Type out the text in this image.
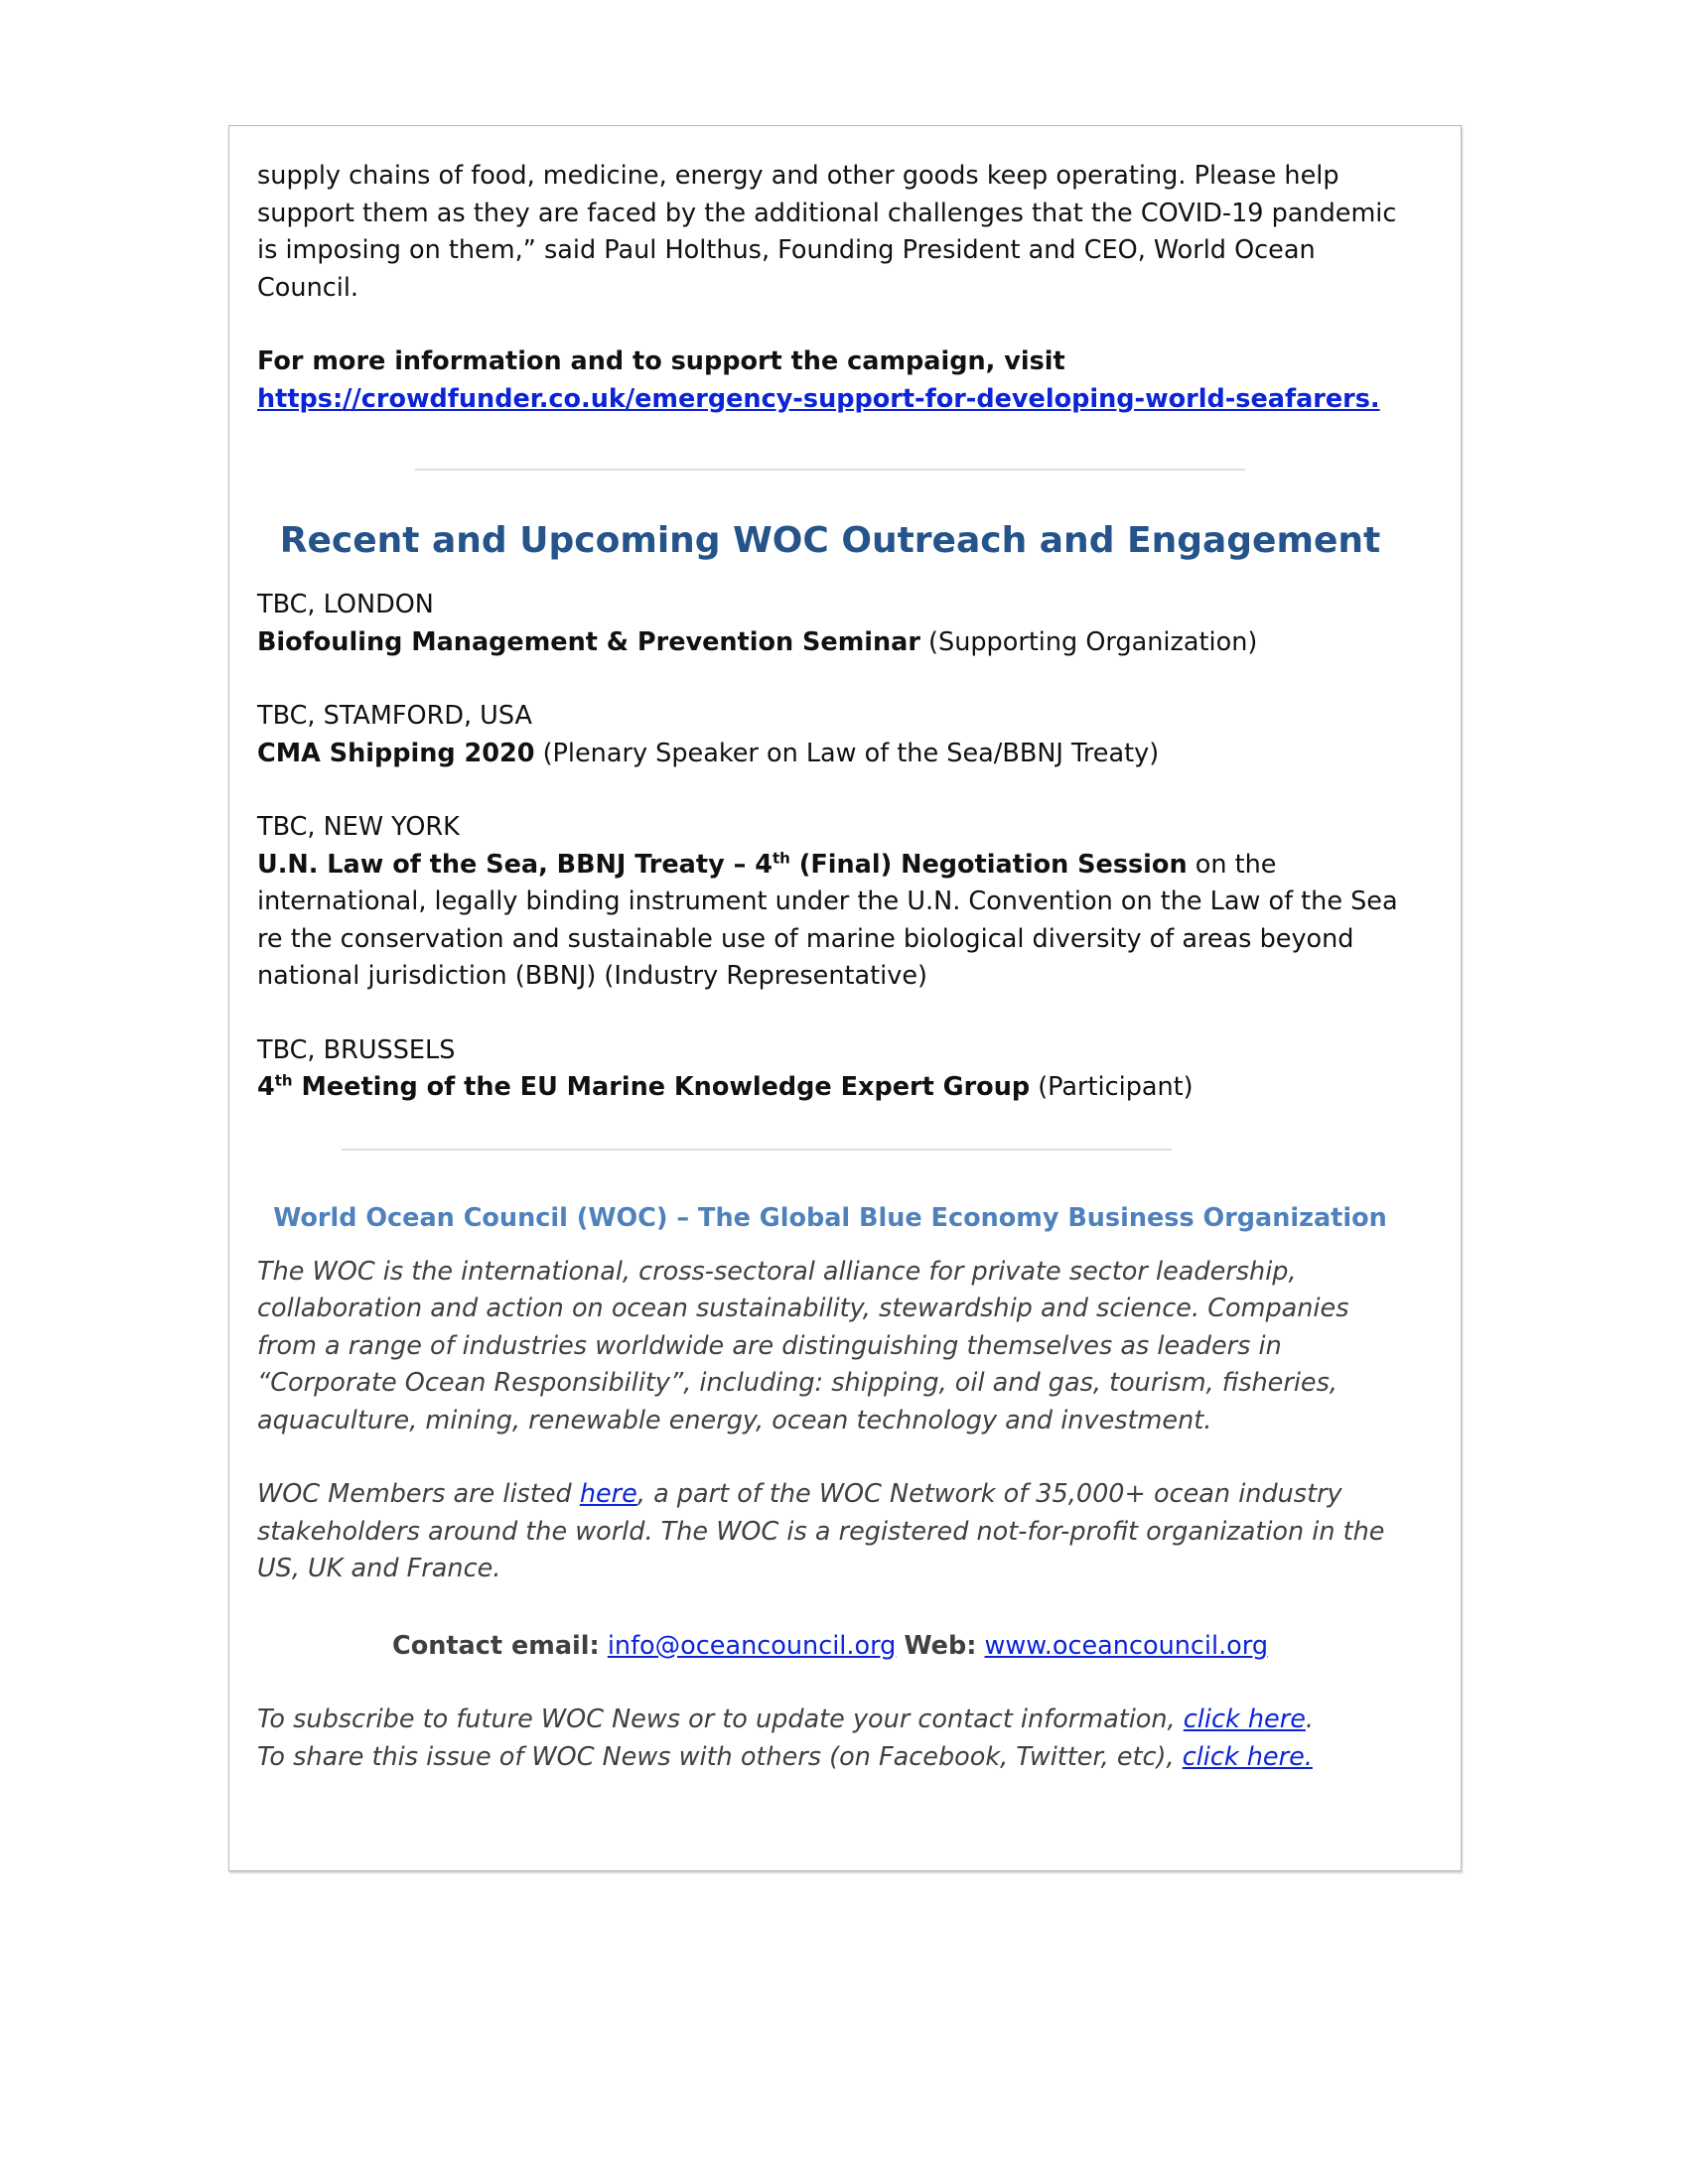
supply chains of food, medicine, energy and other goods keep operating. Please help support them as they are faced by the additional challenges that the COVID-19 pandemic is imposing on them,” said Paul Holthus, Founding President and CEO, World Ocean Council.

For more information and to support the campaign, visit
https://crowdfunder.co.uk/emergency-support-for-developing-world-seafarers.

Recent and Upcoming WOC Outreach and Engagement

TBC, LONDON

Biofouling Management & Prevention Seminar (Supporting Organization)

TBC, STAMFORD, USA

CMA Shipping 2020 (Plenary Speaker on Law of the Sea/BBNJ Treaty)

TBC, NEW YORK

U.N. Law of the Sea, BBNJ Treaty – 4th (Final) Negotiation Session on the international, legally binding instrument under the U.N. Convention on the Law of the Sea re the conservation and sustainable use of marine biological diversity of areas beyond national jurisdiction (BBNJ) (Industry Representative)

TBC, BRUSSELS

4th Meeting of the EU Marine Knowledge Expert Group (Participant)

World Ocean Council (WOC) – The Global Blue Economy Business Organization

The WOC is the international, cross-sectoral alliance for private sector leadership, collaboration and action on ocean sustainability, stewardship and science. Companies from a range of industries worldwide are distinguishing themselves as leaders in “Corporate Ocean Responsibility”, including: shipping, oil and gas, tourism, fisheries, aquaculture, mining, renewable energy, ocean technology and investment.

WOC Members are listed here, a part of the WOC Network of 35,000+ ocean industry stakeholders around the world. The WOC is a registered not-for-profit organization in the US, UK and France.

Contact email: info@oceancouncil.org Web: www.oceancouncil.org

To subscribe to future WOC News or to update your contact information, click here.

To share this issue of WOC News with others (on Facebook, Twitter, etc), click here.
